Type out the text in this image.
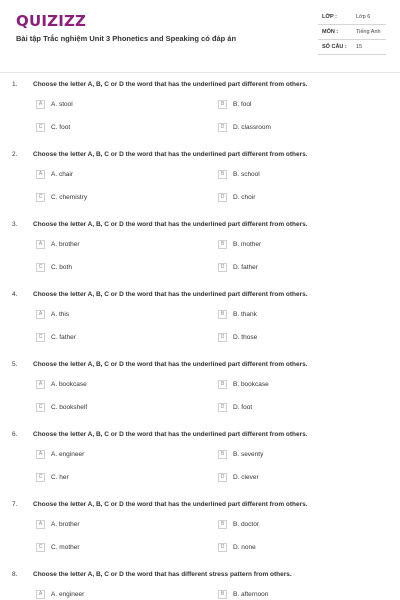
QUIZIZZ
Bài tập Trắc nghiệm Unit 3 Phonetics and Speaking có đáp án
LỚP :	Lớp 6
MÔN :	Tiếng Anh
SỐ CÂU : 15
1. Choose the letter A, B, C or D the word that has the underlined part different from others.
A	A. stool	B	B. fool
C	C. foot	D	D. classroom
2. Choose the letter A, B, C or D the word that has the underlined part different from others.
A	A. chair	B	B. school
C	C. chemistry	D	D. choir
3. Choose the letter A, B, C or D the word that has the underlined part different from others.
A	A. brother	B	B. mother
C	C. both	D	D. father
4. Choose the letter A, B, C or D the word that has the underlined part different from others.
A	A. this	B	B. thank
C	C. father	D	D. those
5. Choose the letter A, B, C or D the word that has the underlined part different from others.
A	A. bookcase	B	B. bookcase
C	C. bookshelf	D	D. foot
6. Choose the letter A, B, C or D the word that has the underlined part different from others.
A	A. engineer	B	B. seventy
C	C. her	D	D. clever
7. Choose the letter A, B, C or D the word that has the underlined part different from others.
A	A. brother	B	B. doctor
C	C. mother	D	D. none
8. Choose the letter A, B, C or D the word that has different stress pattern from others.
A	A. engineer	B	B. afternoon
